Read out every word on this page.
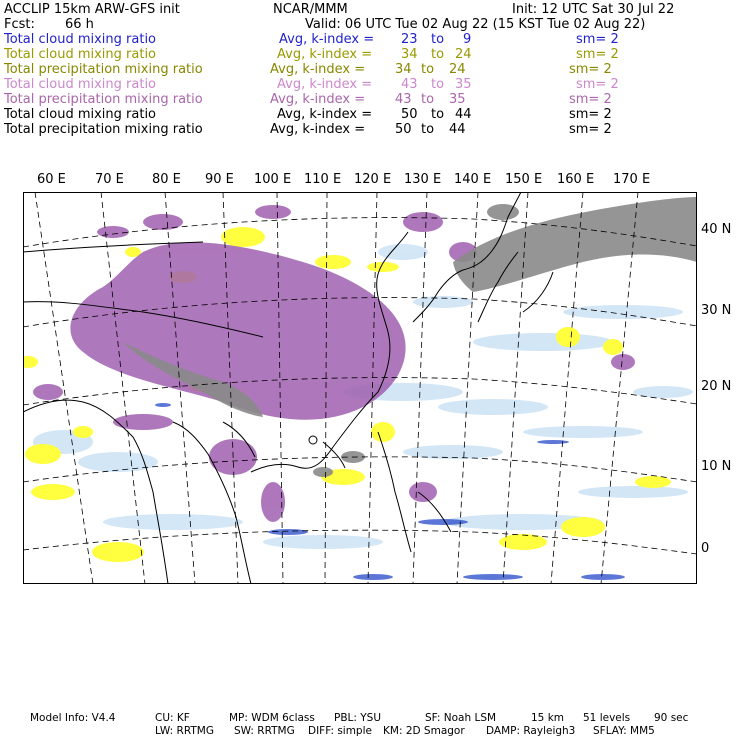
ACCLIP 15km ARW-GFS init	NCAR/MMM	Init: 12 UTC Sat 30 Jul 22
Fcst: 66 h	Valid: 06 UTC Tue 02 Aug 22 (15 KST Tue 02 Aug 22)
Total cloud mixing ratio	Avg, k-index = 23 to 9	sm= 2
Total cloud mixing ratio	Avg, k-index = 34 to 24	sm= 2
Total precipitation mixing ratio	Avg, k-index = 34 to 24	sm= 2
Total cloud mixing ratio	Avg, k-index = 43 to 35	sm= 2
Total precipitation mixing ratio	Avg, k-index = 43 to 35	sm= 2
Total cloud mixing ratio	Avg, k-index = 50 to 44	sm= 2
Total precipitation mixing ratio	Avg, k-index = 50 to 44	sm= 2
60 E 70 E 80 E 90 E 100 E 110 E 120 E 130 E 140 E 150 E 160 E 170 E
40 N
30 N
20 N
10 N
0
Model Info: V4.4	CU: KF	MP: WDM 6class PBL: YSU	SF: Noah LSM	15 km 51 levels 90 sec
LW: RRTMG SW: RRTMG DIFF: simple KM: 2D Smagor DAMP: Rayleigh3 SFLAY: MM5
